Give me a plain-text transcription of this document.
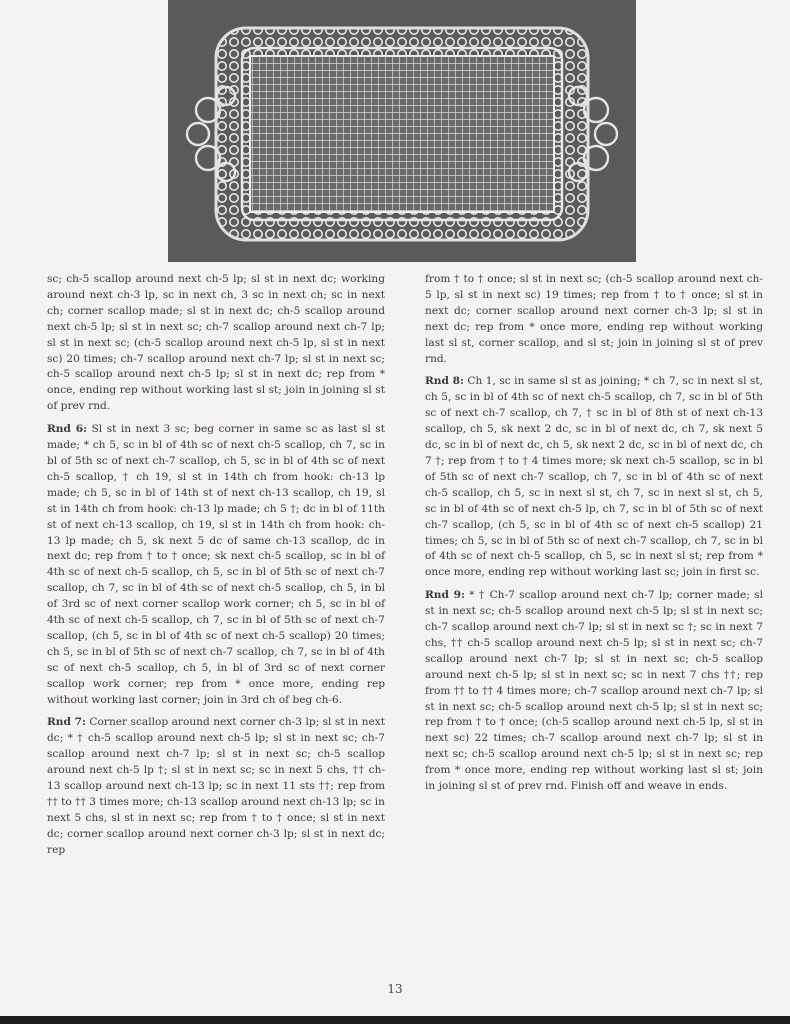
sc; ch-5 scallop around next ch-5 lp; sl st in next dc; working around next ch-3 lp, sc in next ch, 3 sc in next ch; sc in next ch; corner scallop made; sl st in next dc; ch-5 scallop around next ch-5 lp; sl st in next sc; ch-7 scallop around next ch-7 lp; sl st in next sc; (ch-5 scallop around next ch-5 lp, sl st in next sc) 20 times; ch-7 scallop around next ch-7 lp; sl st in next sc; ch-5 scallop around next ch-5 lp; sl st in next dc; rep from * once, ending rep without working last sl st; join in joining sl st of prev rnd.

Rnd 6: Sl st in next 3 sc; beg corner in same sc as last sl st made; * ch 5, sc in bl of 4th sc of next ch-5 scallop, ch 7, sc in bl of 5th sc of next ch-7 scallop, ch 5, sc in bl of 4th sc of next ch-5 scallop, † ch 19, sl st in 14th ch from hook: ch-13 lp made; ch 5, sc in bl of 14th st of next ch-13 scallop, ch 19, sl st in 14th ch from hook: ch-13 lp made; ch 5 †; dc in bl of 11th st of next ch-13 scallop, ch 19, sl st in 14th ch from hook: ch-13 lp made; ch 5, sk next 5 dc of same ch-13 scallop, dc in next dc; rep from † to † once; sk next ch-5 scallop, sc in bl of 4th sc of next ch-5 scallop, ch 5, sc in bl of 5th sc of next ch-7 scallop, ch 7, sc in bl of 4th sc of next ch-5 scallop, ch 5, in bl of 3rd sc of next corner scallop work corner; ch 5, sc in bl of 4th sc of next ch-5 scallop, ch 7, sc in bl of 5th sc of next ch-7 scallop, (ch 5, sc in bl of 4th sc of next ch-5 scallop) 20 times; ch 5, sc in bl of 5th sc of next ch-7 scallop, ch 7, sc in bl of 4th sc of next ch-5 scallop, ch 5, in bl of 3rd sc of next corner scallop work corner; rep from * once more, ending rep without working last corner; join in 3rd ch of beg ch-6.

Rnd 7: Corner scallop around next corner ch-3 lp; sl st in next dc; * † ch-5 scallop around next ch-5 lp; sl st in next sc; ch-7 scallop around next ch-7 lp; sl st in next sc; ch-5 scallop around next ch-5 lp †; sl st in next sc; sc in next 5 chs, †† ch-13 scallop around next ch-13 lp; sc in next 11 sts ††; rep from †† to †† 3 times more; ch-13 scallop around next ch-13 lp; sc in next 5 chs, sl st in next sc; rep from † to † once; sl st in next dc; corner scallop around next corner ch-3 lp; sl st in next dc; rep

from † to † once; sl st in next sc; (ch-5 scallop around next ch-5 lp, sl st in next sc) 19 times; rep from † to † once; sl st in next dc; corner scallop around next corner ch-3 lp; sl st in next dc; rep from * once more, ending rep without working last sl st, corner scallop, and sl st; join in joining sl st of prev rnd.

Rnd 8: Ch 1, sc in same sl st as joining; * ch 7, sc in next sl st, ch 5, sc in bl of 4th sc of next ch-5 scallop, ch 7, sc in bl of 5th sc of next ch-7 scallop, ch 7, † sc in bl of 8th st of next ch-13 scallop, ch 5, sk next 2 dc, sc in bl of next dc, ch 7, sk next 5 dc, sc in bl of next dc, ch 5, sk next 2 dc, sc in bl of next dc, ch 7 †; rep from † to † 4 times more; sk next ch-5 scallop, sc in bl of 5th sc of next ch-7 scallop, ch 7, sc in bl of 4th sc of next ch-5 scallop, ch 5, sc in next sl st, ch 7, sc in next sl st, ch 5, sc in bl of 4th sc of next ch-5 lp, ch 7, sc in bl of 5th sc of next ch-7 scallop, (ch 5, sc in bl of 4th sc of next ch-5 scallop) 21 times; ch 5, sc in bl of 5th sc of next ch-7 scallop, ch 7, sc in bl of 4th sc of next ch-5 scallop, ch 5, sc in next sl st; rep from * once more, ending rep without working last sc; join in first sc.

Rnd 9: * † Ch-7 scallop around next ch-7 lp; corner made; sl st in next sc; ch-5 scallop around next ch-5 lp; sl st in next sc; ch-7 scallop around next ch-7 lp; sl st in next sc †; sc in next 7 chs, †† ch-5 scallop around next ch-5 lp; sl st in next sc; ch-7 scallop around next ch-7 lp; sl st in next sc; ch-5 scallop around next ch-5 lp; sl st in next sc; sc in next 7 chs ††; rep from †† to †† 4 times more; ch-7 scallop around next ch-7 lp; sl st in next sc; ch-5 scallop around next ch-5 lp; sl st in next sc; rep from † to † once; (ch-5 scallop around next ch-5 lp, sl st in next sc) 22 times; ch-7 scallop around next ch-7 lp; sl st in next sc; ch-5 scallop around next ch-5 lp; sl st in next sc; rep from * once more, ending rep without working last sl st; join in joining sl st of prev rnd. Finish off and weave in ends.

13
